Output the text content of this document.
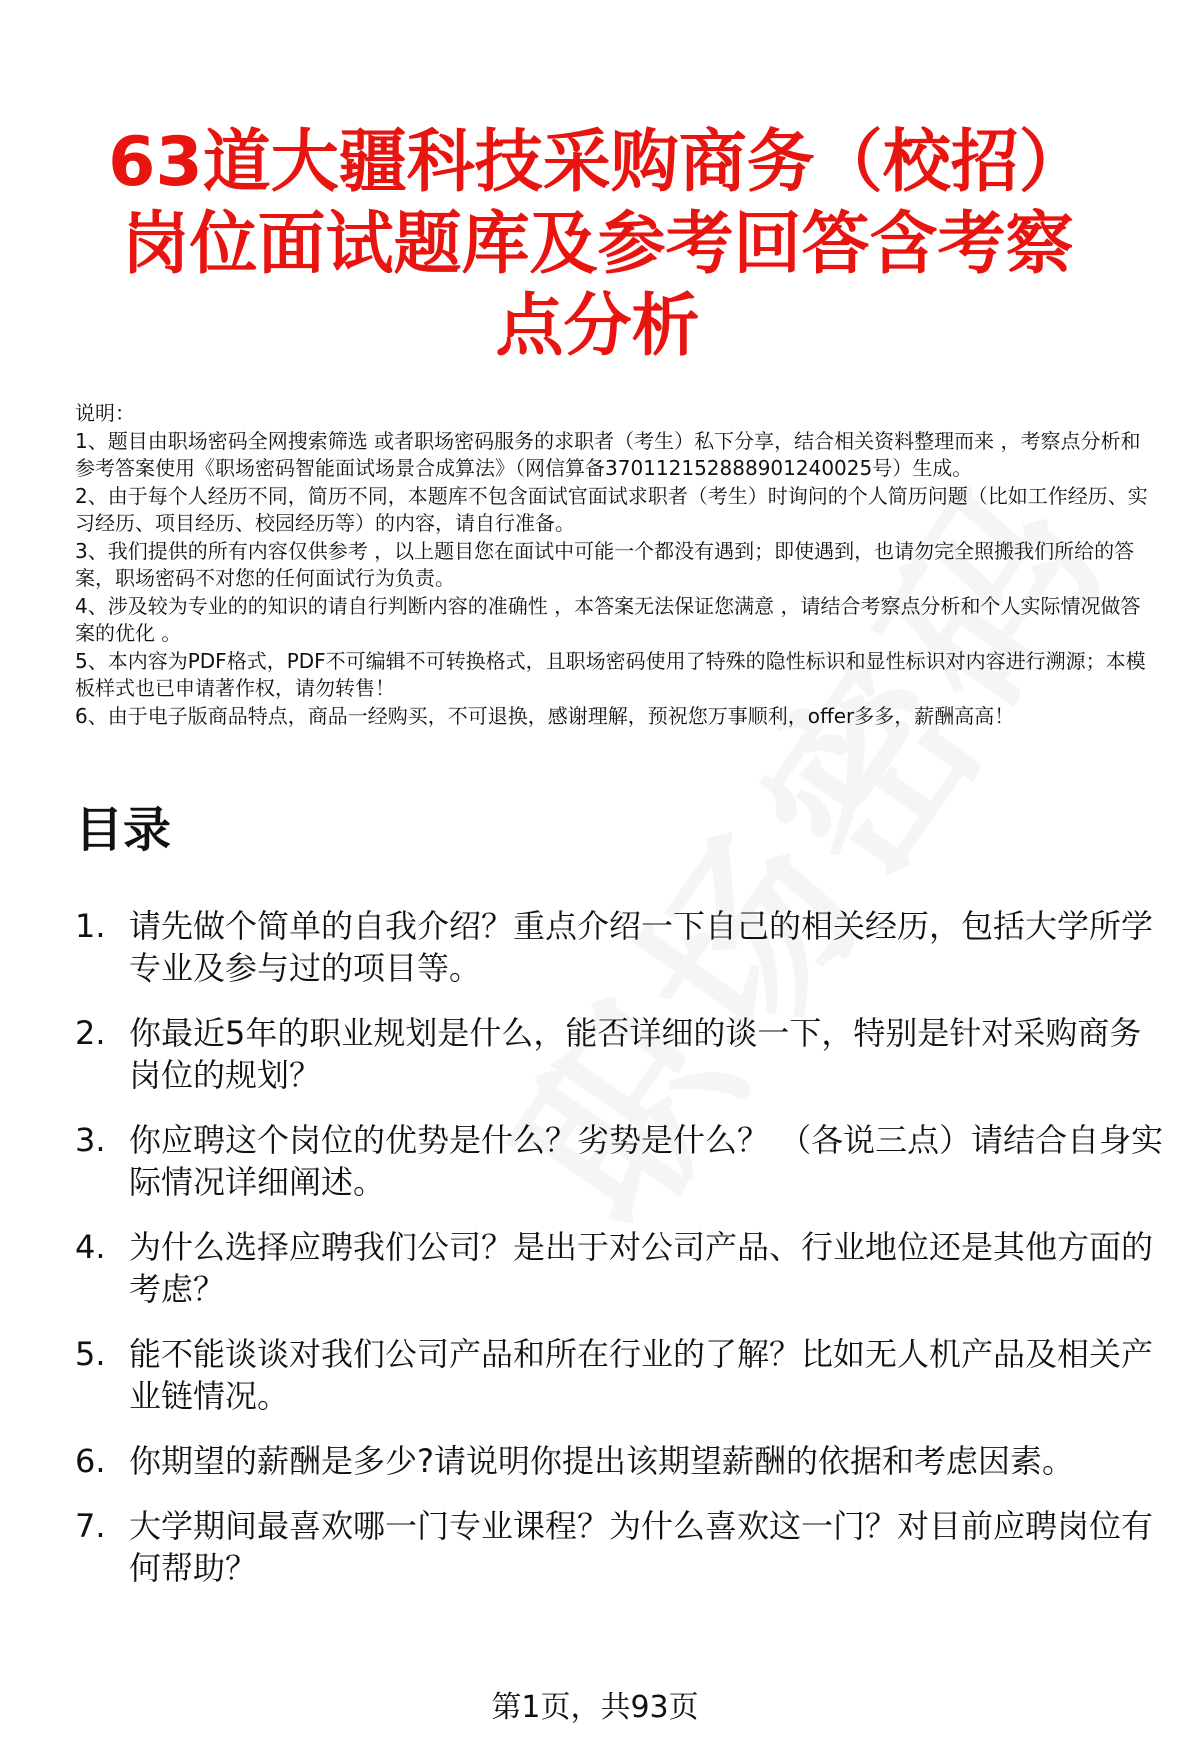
63道大疆科技采购商务（校招）岗位面试题库及参考回答含考察点分析

说明：

1、题目由职场密码全网搜索筛选 或者职场密码服务的求职者（考生）私下分享，结合相关资料整理而来 ，考察点分析和参考答案使用《职场密码智能面试场景合成算法》（网信算备370112152888901240025号）生成。

2、由于每个人经历不同，简历不同，本题库不包含面试官面试求职者（考生）时询问的个人简历问题（比如工作经历、实习经历、项目经历、校园经历等）的内容，请自行准备。

3、我们提供的所有内容仅供参考 ，以上题目您在面试中可能一个都没有遇到；即使遇到，也请勿完全照搬我们所给的答案，职场密码不对您的任何面试行为负责。

4、涉及较为专业的的知识的请自行判断内容的准确性 ，本答案无法保证您满意 ，请结合考察点分析和个人实际情况做答案的优化 。

5、本内容为PDF格式，PDF不可编辑不可转换格式，且职场密码使用了特殊的隐性标识和显性标识对内容进行溯源；本模板样式也已申请著作权，请勿转售！

6、由于电子版商品特点，商品一经购买，不可退换，感谢理解，预祝您万事顺利，offer多多，薪酬高高！

目录
1. 请先做个简单的自我介绍？重点介绍一下自己的相关经历，包括大学所学专业及参与过的项目等。
2. 你最近5年的职业规划是什么，能否详细的谈一下，特别是针对采购商务岗位的规划？
3. 你应聘这个岗位的优势是什么？劣势是什么？ （各说三点）请结合自身实际情况详细阐述。
4. 为什么选择应聘我们公司？是出于对公司产品、行业地位还是其他方面的考虑？
5. 能不能谈谈对我们公司产品和所在行业的了解？比如无人机产品及相关产业链情况。
6. 你期望的薪酬是多少?请说明你提出该期望薪酬的依据和考虑因素。
7. 大学期间最喜欢哪一门专业课程？为什么喜欢这一门？对目前应聘岗位有何帮助？
第1页，共93页
